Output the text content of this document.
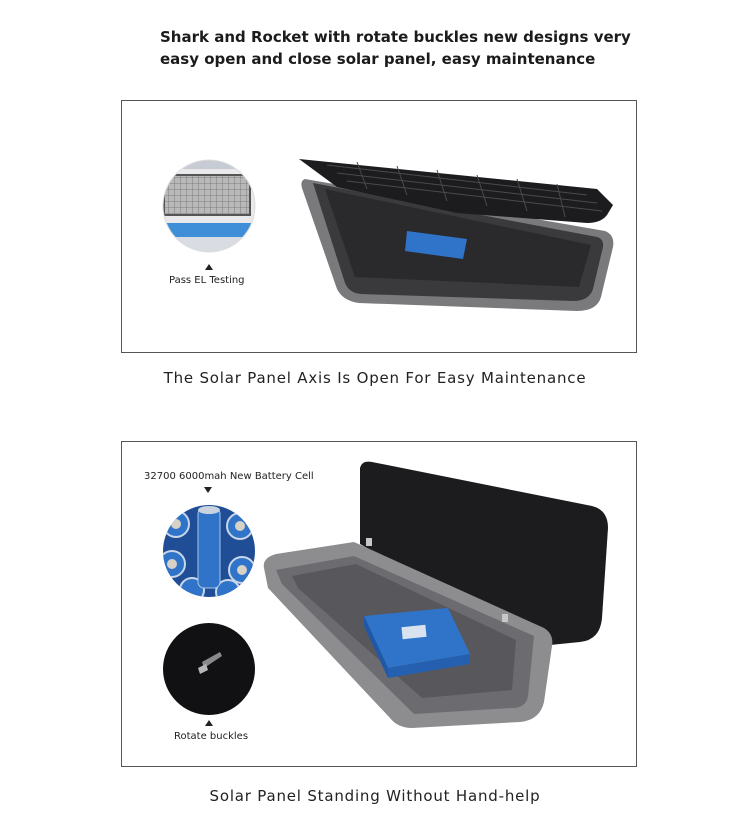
Shark and Rocket with rotate buckles new designs very
easy open and close solar panel, easy maintenance
Pass EL Testing

The Solar Panel Axis Is Open For Easy Maintenance

32700 6000mah New Battery Cell
Rotate buckles

Solar Panel Standing Without Hand-help
